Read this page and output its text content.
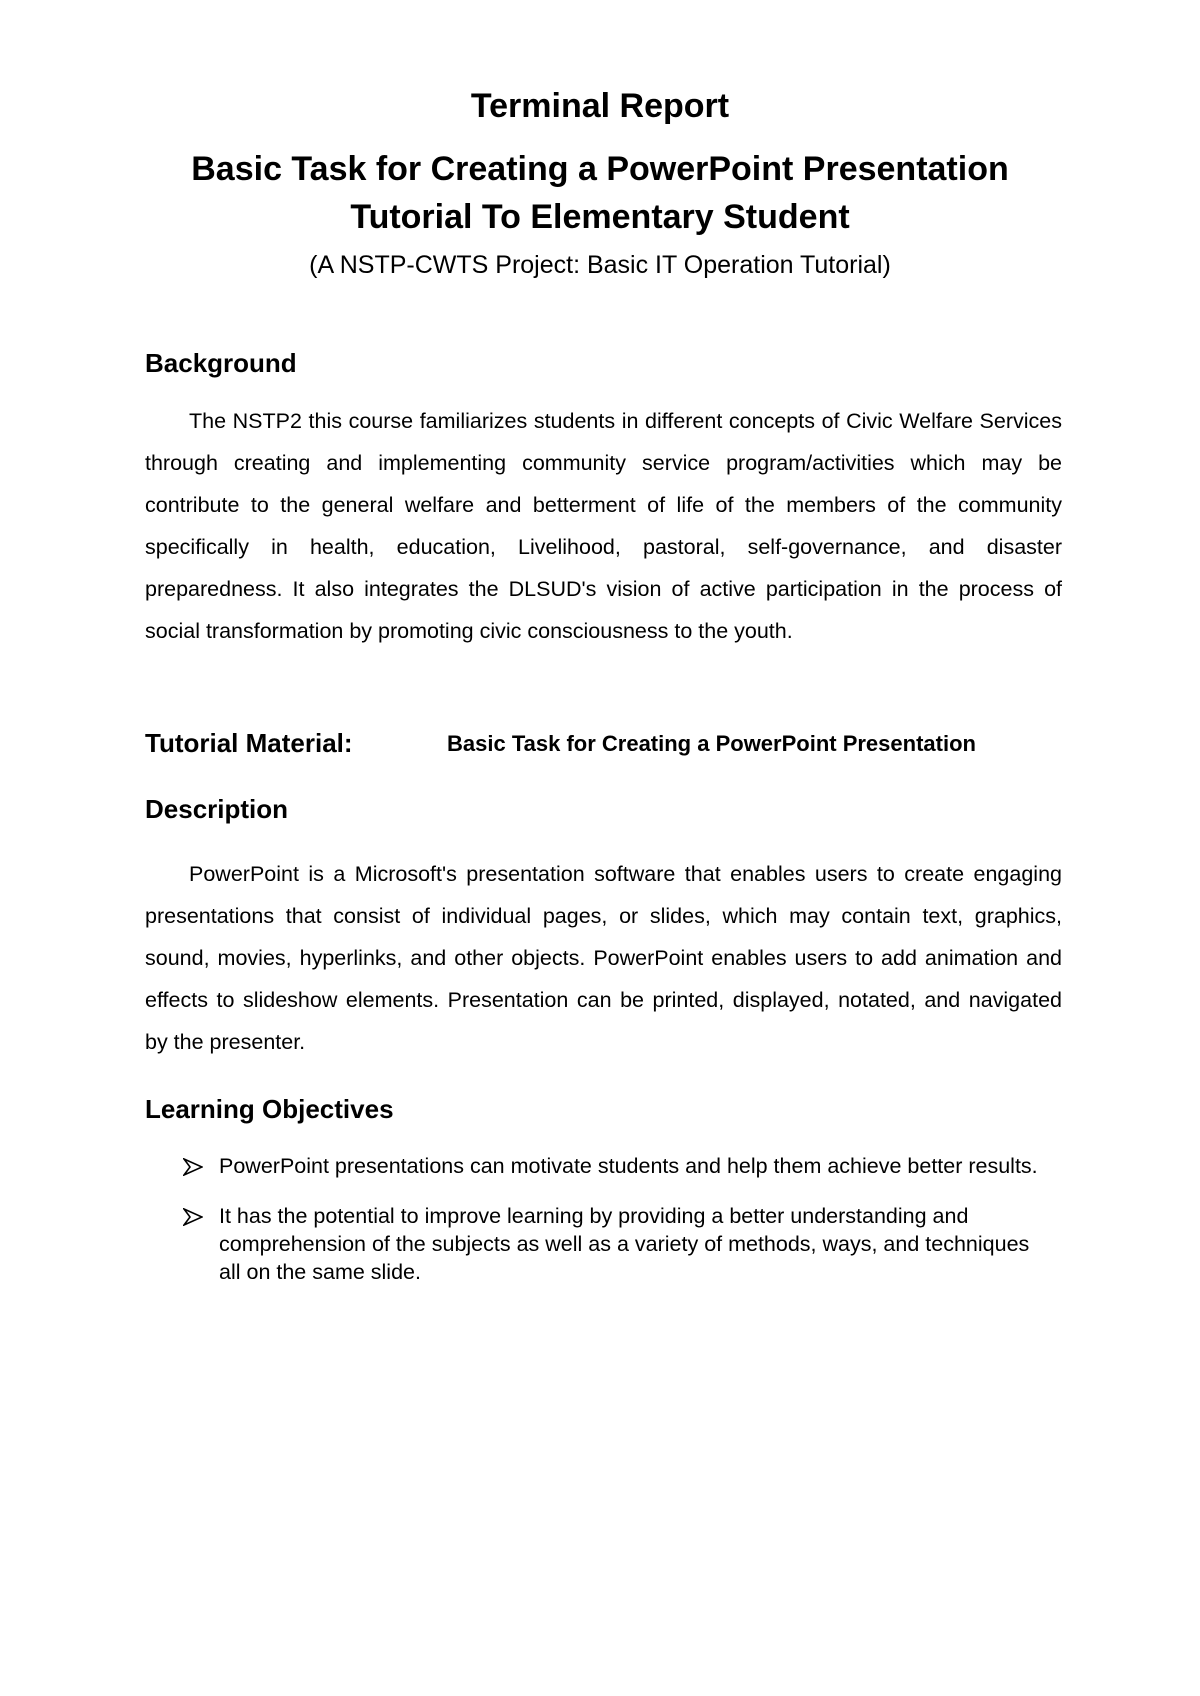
Terminal Report
Basic Task for Creating a PowerPoint Presentation
Tutorial To Elementary Student

(A NSTP-CWTS Project: Basic IT Operation Tutorial)

Background

The NSTP2 this course familiarizes students in different concepts of Civic Welfare Services through creating and implementing community service program/activities which may be contribute to the general welfare and betterment of life of the members of the community specifically in health, education, Livelihood, pastoral, self-governance, and disaster preparedness. It also integrates the DLSUD's vision of active participation in the process of social transformation by promoting civic consciousness to the youth.

Tutorial Material:	Basic Task for Creating a PowerPoint Presentation
Description

PowerPoint is a Microsoft's presentation software that enables users to create engaging presentations that consist of individual pages, or slides, which may contain text, graphics, sound, movies, hyperlinks, and other objects. PowerPoint enables users to add animation and effects to slideshow elements. Presentation can be printed, displayed, notated, and navigated by the presenter.

Learning Objectives
PowerPoint presentations can motivate students and help them achieve better results.
It has the potential to improve learning by providing a better understanding and comprehension of the subjects as well as a variety of methods, ways, and techniques all on the same slide.
